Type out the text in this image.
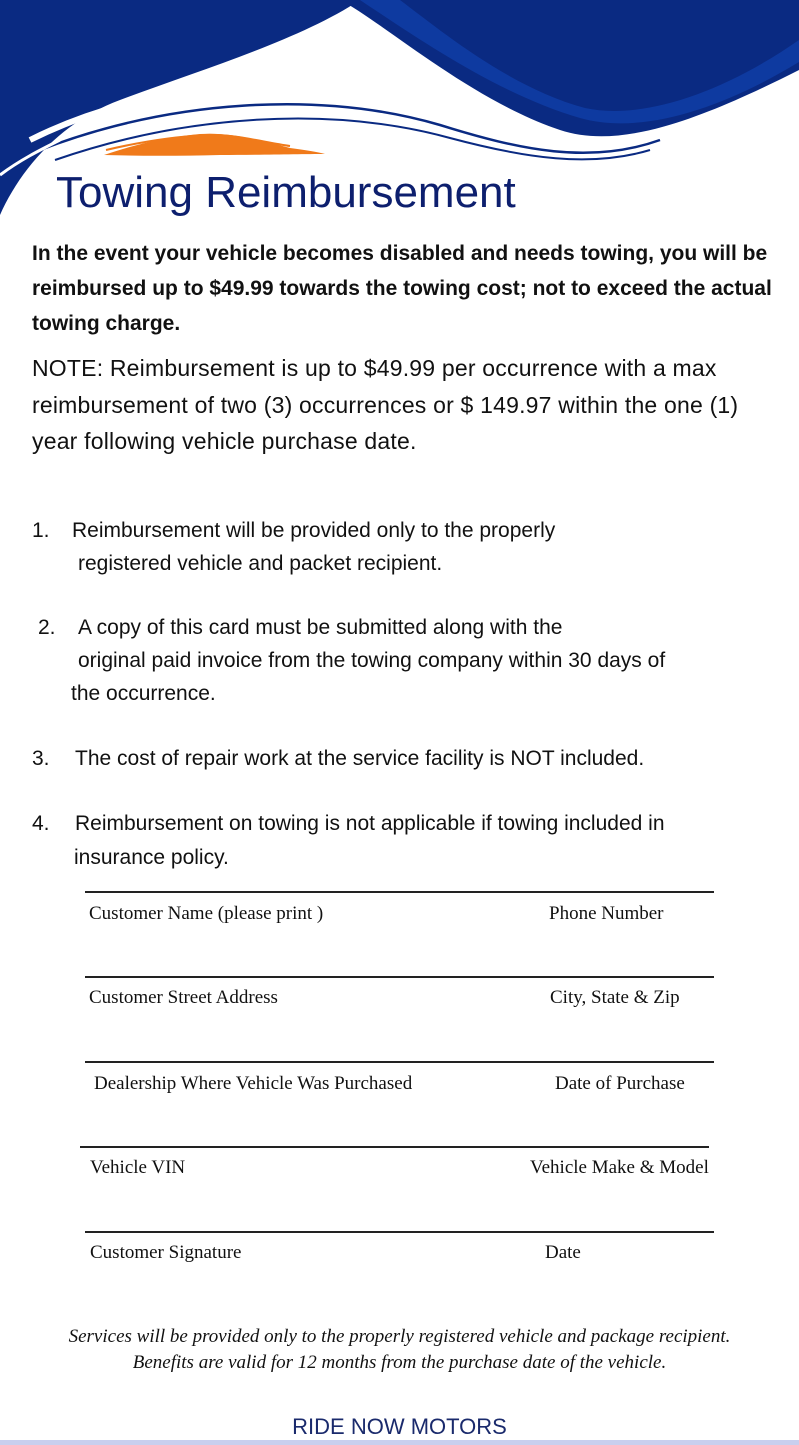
Towing Reimbursement

In the event your vehicle becomes disabled and needs towing, you will be reimbursed up to $49.99 towards the towing cost; not to exceed the actual towing charge.

NOTE: Reimbursement is up to $49.99 per occurrence with a max reimbursement of two (3) occurrences or $ 149.97 within the one (1) year following vehicle purchase date.

1. Reimbursement will be provided only to the properly
registered vehicle and packet recipient.
2. A copy of this card must be submitted along with the
original paid invoice from the towing company within 30 days of
the occurrence.
3. The cost of repair work at the service facility is NOT included.
4. Reimbursement on towing is not applicable if towing included in
insurance policy.
Customer Name (please print )	Phone Number
Customer Street Address	City, State & Zip
Dealership Where Vehicle Was Purchased	Date of Purchase
Vehicle VIN	Vehicle Make & Model
Customer Signature	Date

Services will be provided only to the properly registered vehicle and package recipient.

Benefits are valid for 12 months from the purchase date of the vehicle.

RIDE NOW MOTORS
